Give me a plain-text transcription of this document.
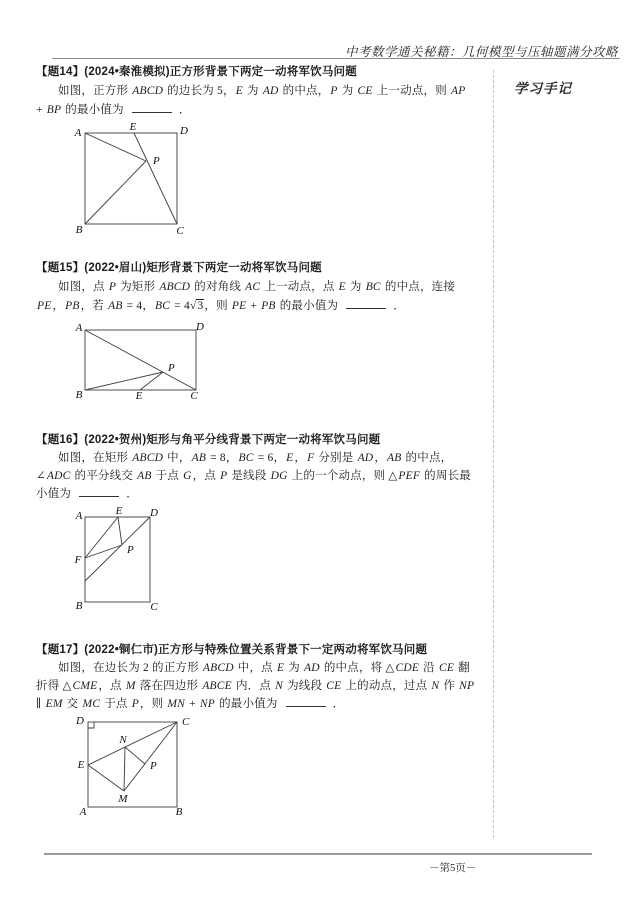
中考数学通关秘籍：几何模型与压轴题满分攻略
学习手记
【题14】(2024•秦淮模拟)正方形背景下两定一动将军饮马问题
如图，正方形 ABCD 的边长为 5，E 为 AD 的中点，P 为 CE 上一动点，则 AP
+ BP 的最小值为	．
A	E	D
P
B	C
【题15】(2022•眉山)矩形背景下两定一动将军饮马问题
如图，点 P 为矩形 ABCD 的对角线 AC 上一动点，点 E 为 BC 的中点，连接
PE，PB，若 AB = 4，BC = 4√3，则 PE + PB 的最小值为	．
A	D
P
B	E	C
【题16】(2022•贺州)矩形与角平分线背景下两定一动将军饮马问题
如图，在矩形 ABCD 中，AB = 8，BC = 6，E，F 分别是 AD，AB 的中点，
∠ADC 的平分线交 AB 于点 G，点 P 是线段 DG 上的一个动点，则 △PEF 的周长最
小值为	．
A	E	D
F
P
B	C
【题17】(2022•铜仁市)正方形与特殊位置关系背景下一定两动将军饮马问题
如图，在边长为 2 的正方形 ABCD 中，点 E 为 AD 的中点，将 △CDE 沿 CE 翻
折得 △CME，点 M 落在四边形 ABCE 内．点 N 为线段 CE 上的动点，过点 N 作 NP
∥ EM 交 MC 于点 P，则 MN + NP 的最小值为	．
D	C
N
E	P
M
A	B
－第5页－
